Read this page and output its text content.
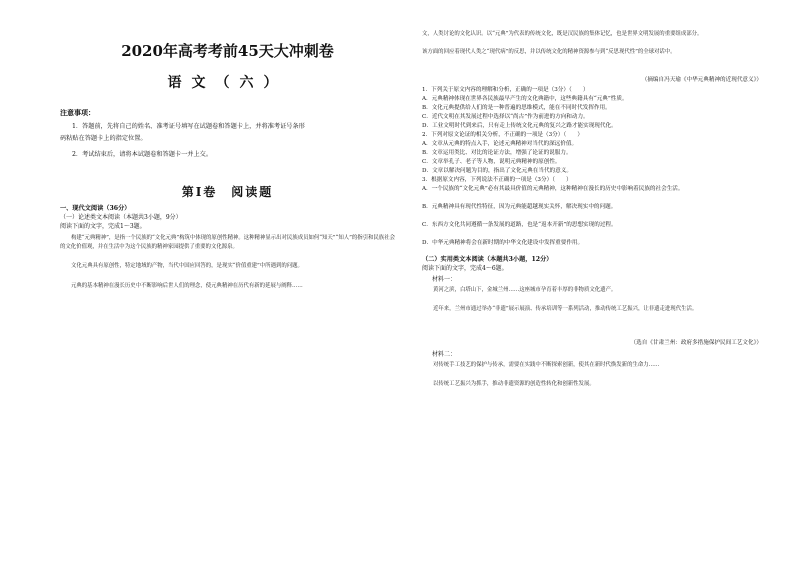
2020年高考考前45天大冲刺卷
语文（六）
注意事项：
1．答题前，先将自己的姓名、准考证号填写在试题卷和答题卡上，并将准考证号条形
码粘贴在答题卡上的指定位置。
2．考试结束后，请将本试题卷和答题卡一并上交。
第Ⅰ卷　阅读题
一、现代文阅读（36分）
（一）论述类文本阅读（本题共3小题，9分）
阅读下面的文字，完成1～3题。
构建“元典精神”，是指一个民族的“文化元典”构筑中体现的原创性精神。这种精神显示出对民族成员如何“知天”“知人”的指引和民族社会的文化价值观，并在生活中为这个民族的精神家园提供了重要的文化源泉。
文化元典具有原创性，特定地域的产物，当代中国应回答的，是现实“价值重建”中所遇到的问题。
元典的基本精神在漫长历史中不断影响后世人们的理念，使元典精神在历代有新的延展与阐释……
文，人类讨论的文化认识。以“元典”为代表的传统文化，既是汉民族的集体记忆，也是世界文明发展的重要组成部分。
该方面的回应着现代人类之“现代病”的反思，并以传统文化的精神资源参与到“反思现代性”的全球对话中。
（摘编自冯天瑜《中华元典精神的近现代意义》）
1．下列关于原文内容的理解和分析，正确的一项是（3分）（　　）
A．元典精神体现在世界各民族最早产生的文化典籍中，这些典籍具有“元典”性质。
B．文化元典提供给人们的是一种普遍的思维模式，能在不同时代发挥作用。
C．近代文明在其发展过程中选择以“尚古”作为前进的方向和动力。
D．工业文明时代到来后，只有走上传统文化元典的复兴之路才能实现现代化。
2．下列对原文论证的相关分析，不正确的一项是（3分）（　　）
A．文章从元典的特点入手，论述元典精神对当代的深远价值。
B．文章运用类比、对比的论证方法，增强了论证的说服力。
C．文章举孔子、老子等人物，说明元典精神的原创性。
D．文章以解决问题为目的，指出了文化元典在当代的意义。
3．根据原文内容，下列说法不正确的一项是（3分）（　　）
A．一个民族的“文化元典”必有其最具价值的元典精神，这种精神在漫长的历史中影响着民族的社会生活。
B．元典精神具有现代性特征，因为元典能超越现实关怀，解决现实中的问题。
C．东西方文化共同遵循一条发展的道路，也是“返本开新”的思想实现的过程。
D．中华元典精神将会在新时期的中华文化建设中发挥重要作用。
（二）实用类文本阅读（本题共3小题，12分）
阅读下面的文字，完成4～6题。
材料一：
黄河之滨，白塔山下，金城兰州……这座城市孕育着丰厚的非物质文化遗产。
近年来，兰州市通过举办“非遗”展示展演、传承培训等一系列活动，推动传统工艺振兴，让非遗走进现代生活。
（选自《甘肃兰州：政府多措施保护民间工艺文化》）
材料二：
对传统手工技艺的保护与传承，需要在实践中不断探索创新，使其在新时代焕发新的生命力……
以传统工艺振兴为抓手，推动非遗资源的创造性转化和创新性发展。
